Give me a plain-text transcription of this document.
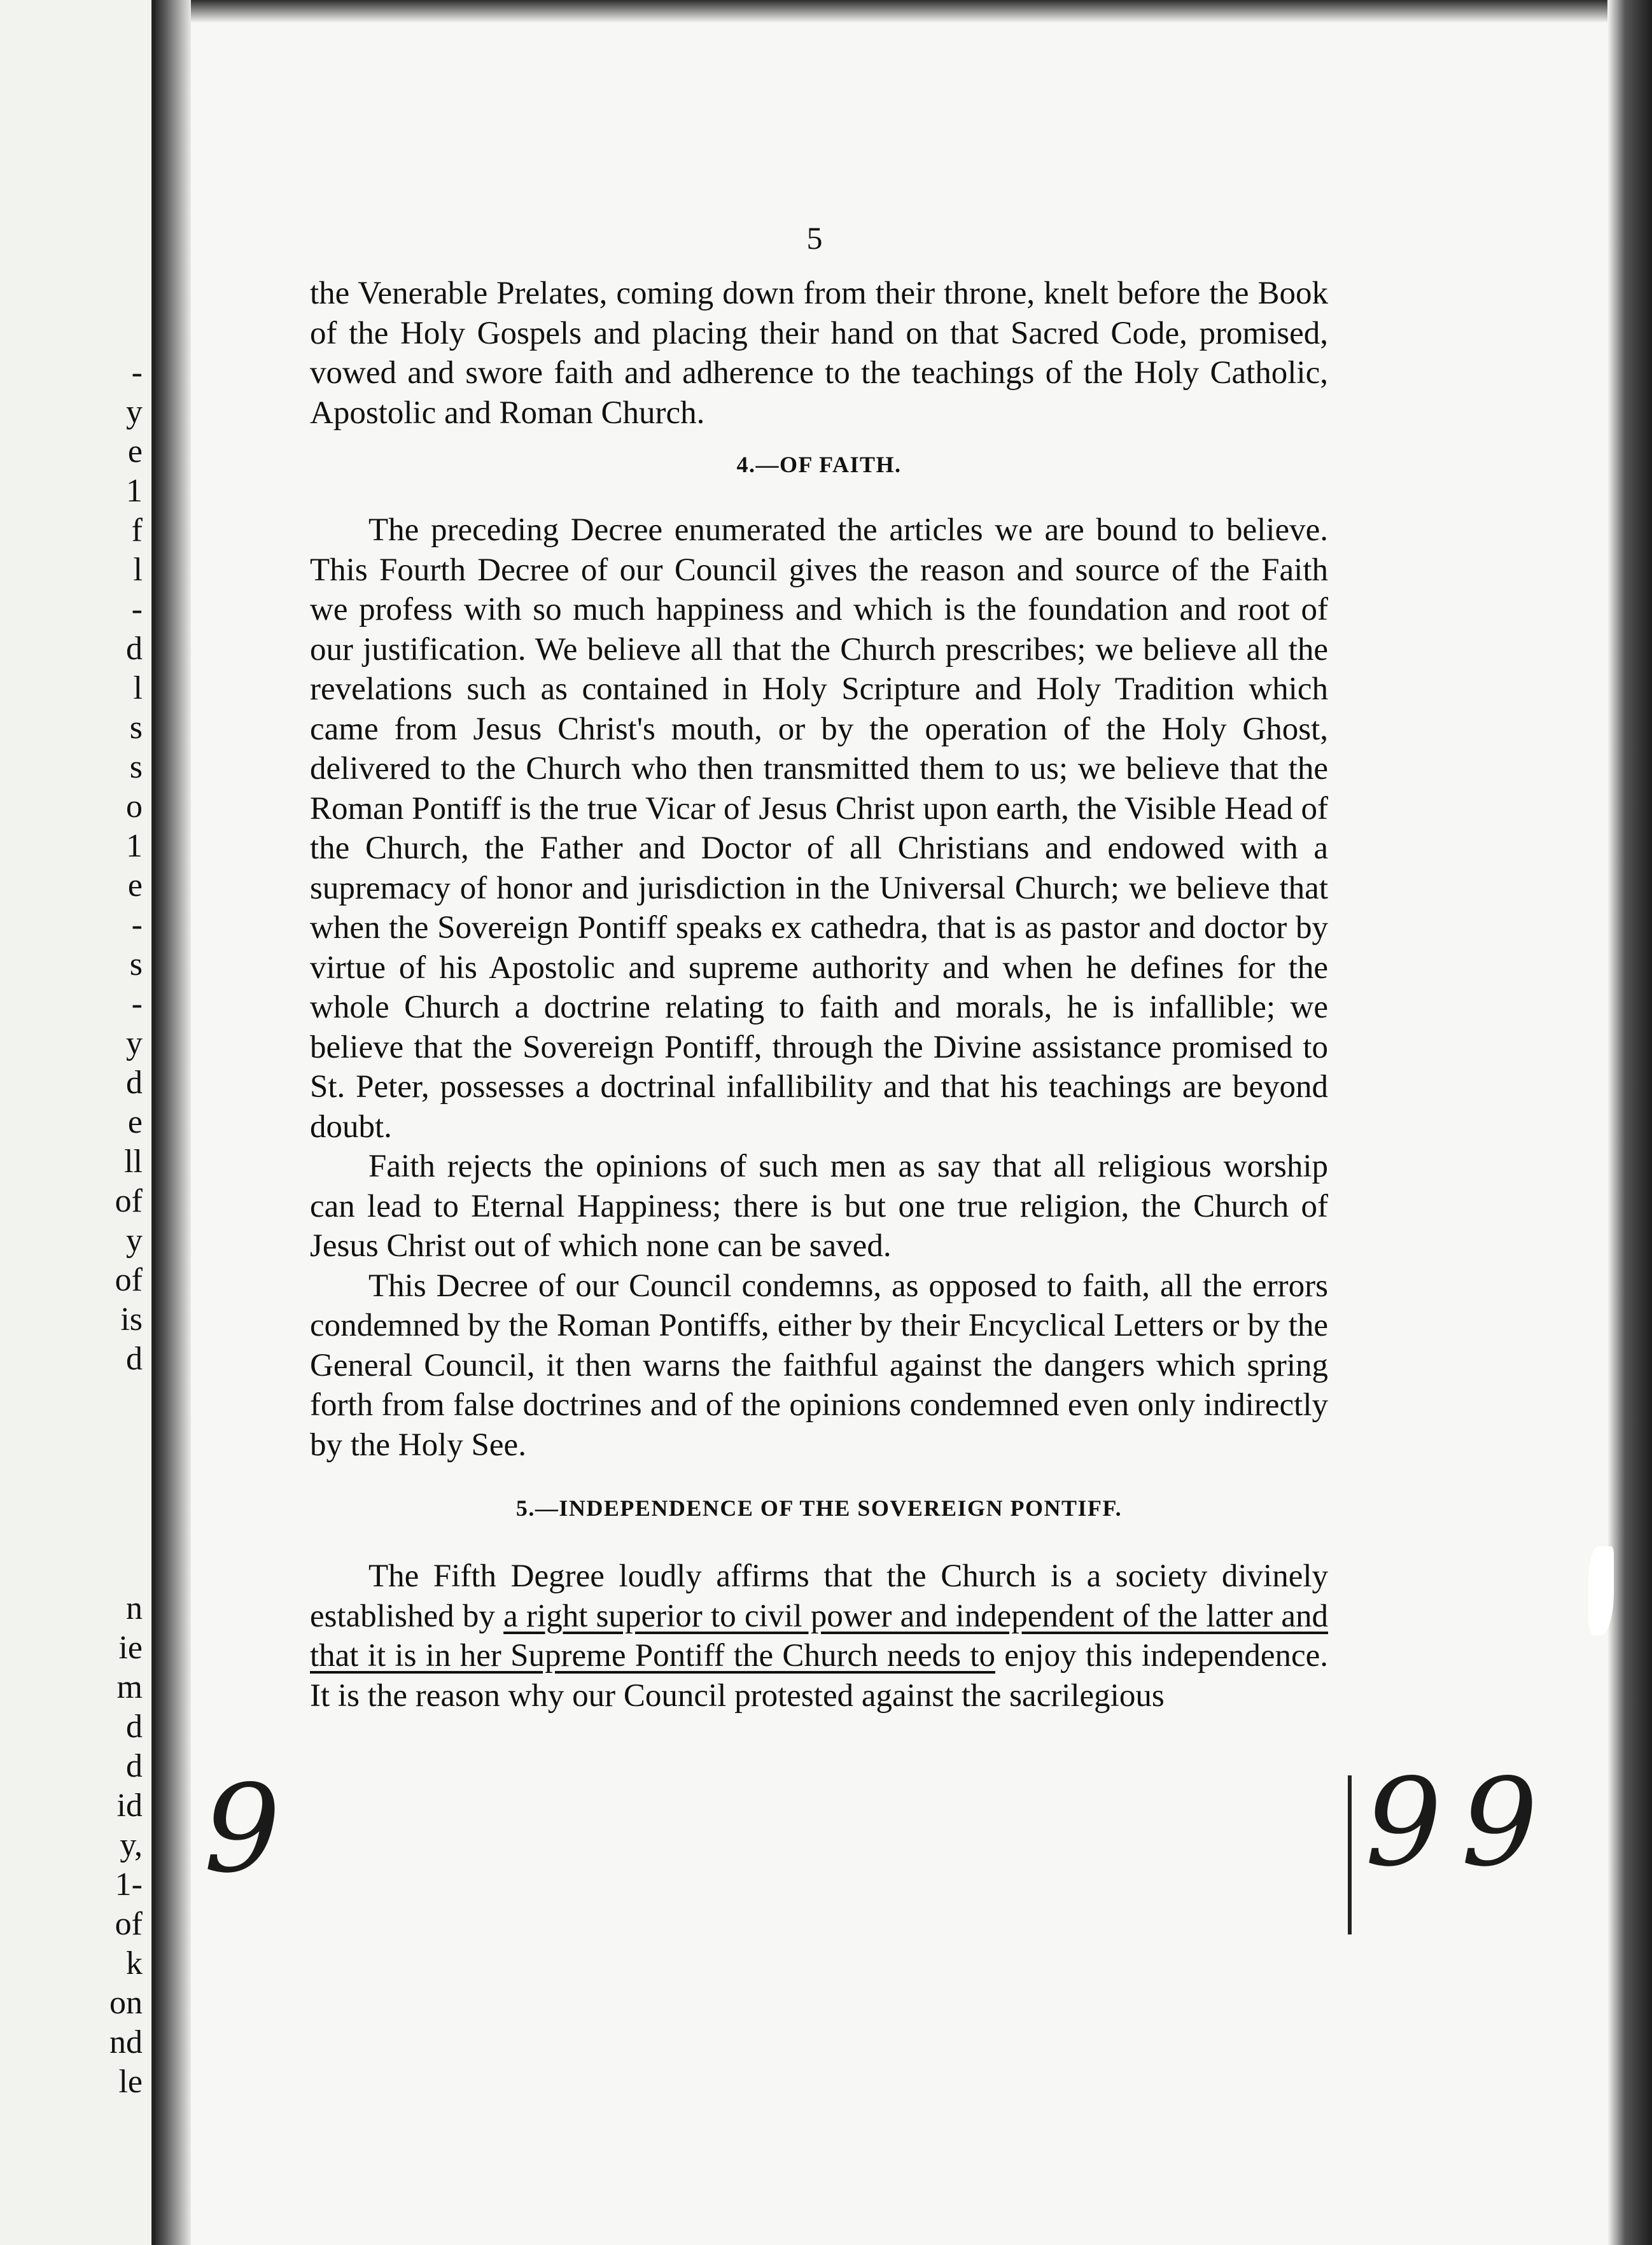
-
y
e
1
f
l
-
d
l
s
s
o
1
e
-
s
-
y
d
e
ll
of
y
of
is
d
n
ie
m
d
d
id
y,
1-
of
k
on
nd
le
5

the Venerable Prelates, coming down from their throne, knelt before the Book of the Holy Gospels and placing their hand on that Sacred Code, promised, vowed and swore faith and adherence to the teachings of the Holy Catholic, Apostolic and Roman Church.

4.—OF FAITH.

The preceding Decree enumerated the articles we are bound to believe. This Fourth Decree of our Council gives the reason and source of the Faith we profess with so much happiness and which is the foundation and root of our justification. We believe all that the Church prescribes; we believe all the revelations such as contained in Holy Scripture and Holy Tradition which came from Jesus Christ's mouth, or by the operation of the Holy Ghost, delivered to the Church who then transmitted them to us; we believe that the Roman Pontiff is the true Vicar of Jesus Christ upon earth, the Visible Head of the Church, the Father and Doctor of all Christians and endowed with a supremacy of honor and jurisdiction in the Universal Church; we believe that when the Sovereign Pontiff speaks ex cathedra, that is as pastor and doctor by virtue of his Apostolic and supreme authority and when he defines for the whole Church a doctrine relating to faith and morals, he is infallible; we believe that the Sovereign Pontiff, through the Divine assistance promised to St. Peter, possesses a doctrinal infallibility and that his teachings are beyond doubt.

Faith rejects the opinions of such men as say that all religious worship can lead to Eternal Happiness; there is but one true religion, the Church of Jesus Christ out of which none can be saved.

This Decree of our Council condemns, as opposed to faith, all the errors condemned by the Roman Pontiffs, either by their Encyclical Letters or by the General Council, it then warns the faithful against the dangers which spring forth from false doctrines and of the opinions condemned even only indirectly by the Holy See.

5.—INDEPENDENCE OF THE SOVEREIGN PONTIFF.

The Fifth Degree loudly affirms that the Church is a society divinely established by a right superior to civil power and independent of the latter and that it is in her Supreme Pontiff the Church needs to enjoy this independence. It is the reason why our Council protested against the sacrilegious

9	99
